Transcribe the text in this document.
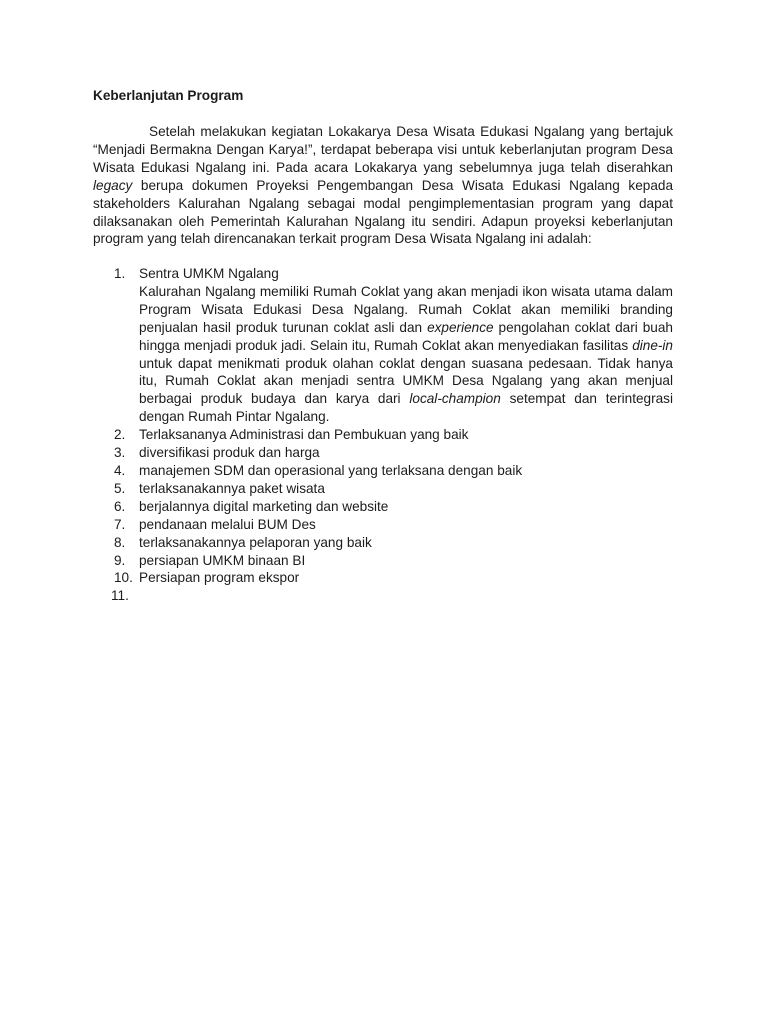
Keberlanjutan Program

Setelah melakukan kegiatan Lokakarya Desa Wisata Edukasi Ngalang yang bertajuk “Menjadi Bermakna Dengan Karya!”, terdapat beberapa visi untuk keberlanjutan program Desa Wisata Edukasi Ngalang ini. Pada acara Lokakarya yang sebelumnya juga telah diserahkan legacy berupa dokumen Proyeksi Pengembangan Desa Wisata Edukasi Ngalang kepada stakeholders Kalurahan Ngalang sebagai modal pengimplementasian program yang dapat dilaksanakan oleh Pemerintah Kalurahan Ngalang itu sendiri. Adapun proyeksi keberlanjutan program yang telah direncanakan terkait program Desa Wisata Ngalang ini adalah:

1. Sentra UMKM Ngalang
Kalurahan Ngalang memiliki Rumah Coklat yang akan menjadi ikon wisata utama dalam Program Wisata Edukasi Desa Ngalang. Rumah Coklat akan memiliki branding penjualan hasil produk turunan coklat asli dan experience pengolahan coklat dari buah hingga menjadi produk jadi. Selain itu, Rumah Coklat akan menyediakan fasilitas dine-in untuk dapat menikmati produk olahan coklat dengan suasana pedesaan. Tidak hanya itu, Rumah Coklat akan menjadi sentra UMKM Desa Ngalang yang akan menjual berbagai produk budaya dan karya dari local-champion setempat dan terintegrasi dengan Rumah Pintar Ngalang.
2. Terlaksananya Administrasi dan Pembukuan yang baik
3. diversifikasi produk dan harga
4. manajemen SDM dan operasional yang terlaksana dengan baik
5. terlaksanakannya paket wisata
6. berjalannya digital marketing dan website
7. pendanaan melalui BUM Des
8. terlaksanakannya pelaporan yang baik
9. persiapan UMKM binaan BI
10. Persiapan program ekspor
11.
